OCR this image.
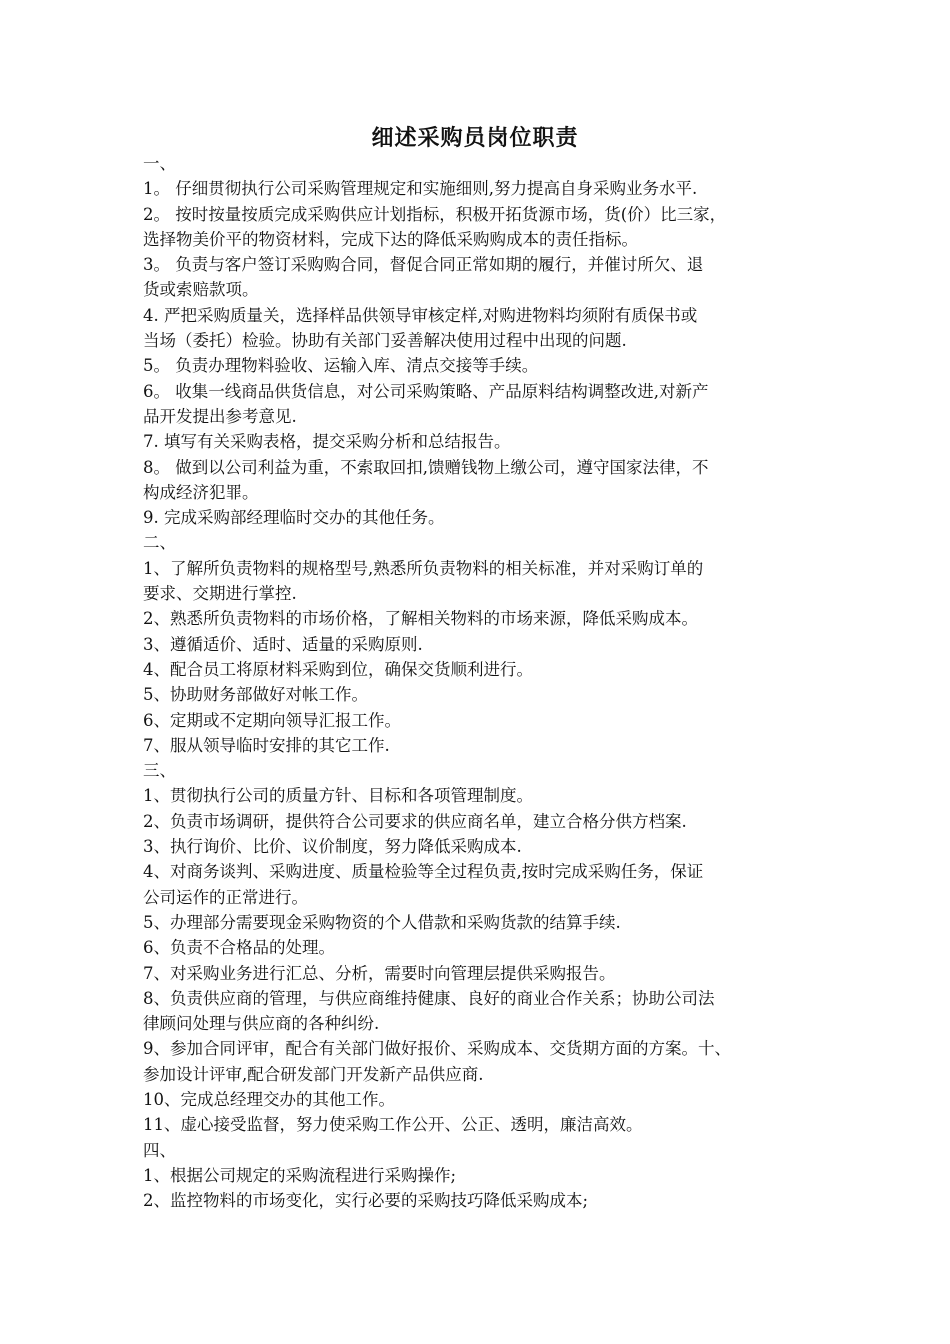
细述采购员岗位职责
一、
1。 仔细贯彻执行公司采购管理规定和实施细则,努力提高自身采购业务水平.
2。 按时按量按质完成采购供应计划指标，积极开拓货源市场，货(价）比三家，
选择物美价平的物资材料，完成下达的降低采购购成本的责任指标。
3。 负责与客户签订采购购合同，督促合同正常如期的履行，并催讨所欠、退
货或索赔款项。
4. 严把采购质量关，选择样品供领导审核定样,对购进物料均须附有质保书或
当场（委托）检验。协助有关部门妥善解决使用过程中出现的问题.
5。 负责办理物料验收、运输入库、清点交接等手续。
6。 收集一线商品供货信息，对公司采购策略、产品原料结构调整改进,对新产
品开发提出参考意见.
7. 填写有关采购表格，提交采购分析和总结报告。
8。 做到以公司利益为重，不索取回扣,馈赠钱物上缴公司，遵守国家法律，不
构成经济犯罪。
9. 完成采购部经理临时交办的其他任务。
二、
1、了解所负责物料的规格型号,熟悉所负责物料的相关标准，并对采购订单的
要求、交期进行掌控.
2、熟悉所负责物料的市场价格，了解相关物料的市场来源，降低采购成本。
3、遵循适价、适时、适量的采购原则.
4、配合员工将原材料采购到位，确保交货顺利进行。
5、协助财务部做好对帐工作。
6、定期或不定期向领导汇报工作。
7、服从领导临时安排的其它工作.
三、
1、贯彻执行公司的质量方针、目标和各项管理制度。
2、负责市场调研，提供符合公司要求的供应商名单，建立合格分供方档案.
3、执行询价、比价、议价制度，努力降低采购成本.
4、对商务谈判、采购进度、质量检验等全过程负责,按时完成采购任务，保证
公司运作的正常进行。
5、办理部分需要现金采购物资的个人借款和采购货款的结算手续.
6、负责不合格品的处理。
7、对采购业务进行汇总、分析，需要时向管理层提供采购报告。
8、负责供应商的管理，与供应商维持健康、良好的商业合作关系；协助公司法
律顾问处理与供应商的各种纠纷.
9、参加合同评审，配合有关部门做好报价、采购成本、交货期方面的方案。十、
参加设计评审,配合研发部门开发新产品供应商.
10、完成总经理交办的其他工作。
11、虚心接受监督，努力使采购工作公开、公正、透明，廉洁高效。
四、
1、根据公司规定的采购流程进行采购操作;
2、监控物料的市场变化，实行必要的采购技巧降低采购成本;
